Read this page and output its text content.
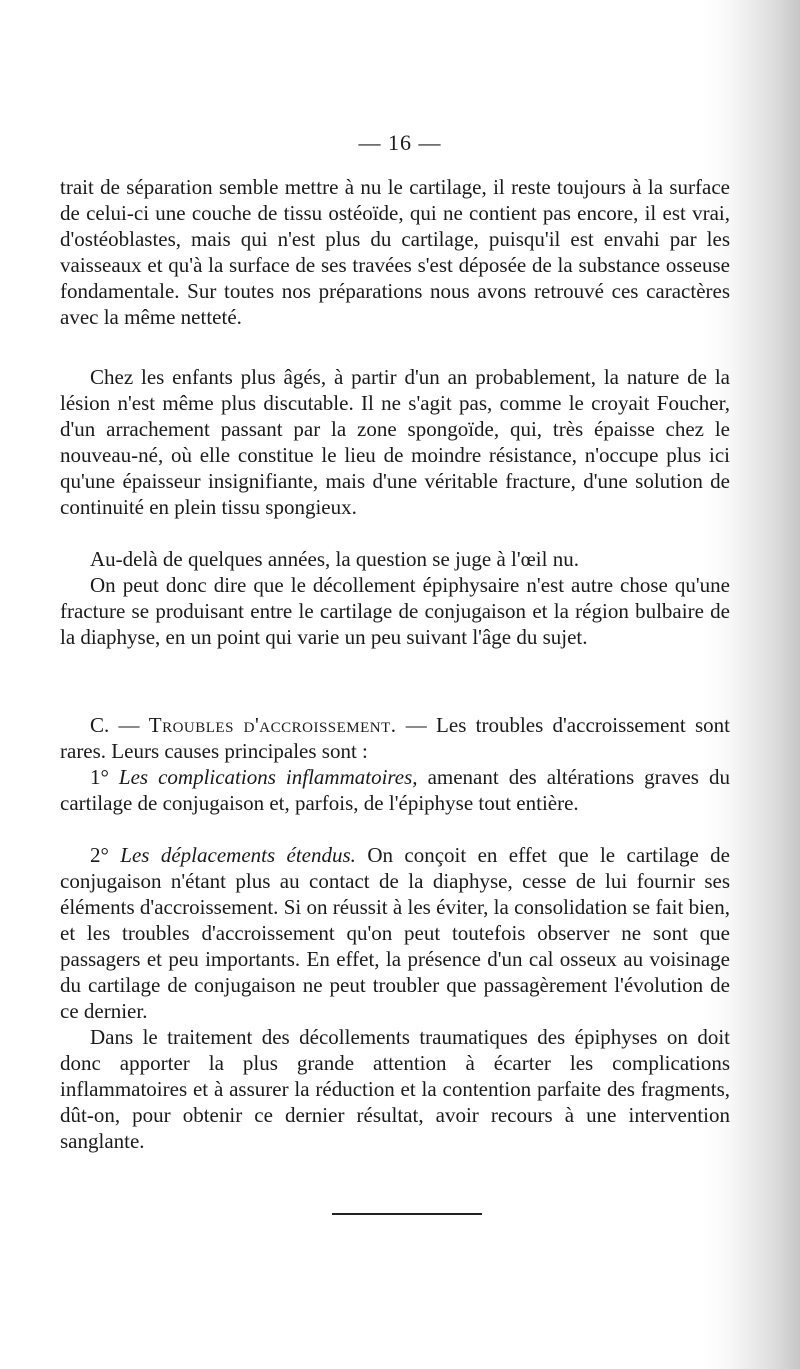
— 16 —

trait de séparation semble mettre à nu le cartilage, il reste toujours à la surface de celui-ci une couche de tissu ostéoïde, qui ne contient pas encore, il est vrai, d'ostéoblastes, mais qui n'est plus du cartilage, puisqu'il est envahi par les vaisseaux et qu'à la surface de ses travées s'est déposée de la substance osseuse fondamentale. Sur toutes nos préparations nous avons retrouvé ces caractères avec la même netteté.

Chez les enfants plus âgés, à partir d'un an probablement, la nature de la lésion n'est même plus discutable. Il ne s'agit pas, comme le croyait Foucher, d'un arrachement passant par la zone spongoïde, qui, très épaisse chez le nouveau-né, où elle constitue le lieu de moindre résistance, n'occupe plus ici qu'une épaisseur insignifiante, mais d'une véritable fracture, d'une solution de continuité en plein tissu spongieux.

Au-delà de quelques années, la question se juge à l'œil nu.

On peut donc dire que le décollement épiphysaire n'est autre chose qu'une fracture se produisant entre le cartilage de conjugaison et la région bulbaire de la diaphyse, en un point qui varie un peu suivant l'âge du sujet.

C. — Troubles d'accroissement. — Les troubles d'accroissement sont rares. Leurs causes principales sont :

1° Les complications inflammatoires, amenant des altérations graves du cartilage de conjugaison et, parfois, de l'épiphyse tout entière.

2° Les déplacements étendus. On conçoit en effet que le cartilage de conjugaison n'étant plus au contact de la diaphyse, cesse de lui fournir ses éléments d'accroissement. Si on réussit à les éviter, la consolidation se fait bien, et les troubles d'accroissement qu'on peut toutefois observer ne sont que passagers et peu importants. En effet, la présence d'un cal osseux au voisinage du cartilage de conjugaison ne peut troubler que passagèrement l'évolution de ce dernier.

Dans le traitement des décollements traumatiques des épiphyses on doit donc apporter la plus grande attention à écarter les complications inflammatoires et à assurer la réduction et la contention parfaite des fragments, dût-on, pour obtenir ce dernier résultat, avoir recours à une intervention sanglante.
